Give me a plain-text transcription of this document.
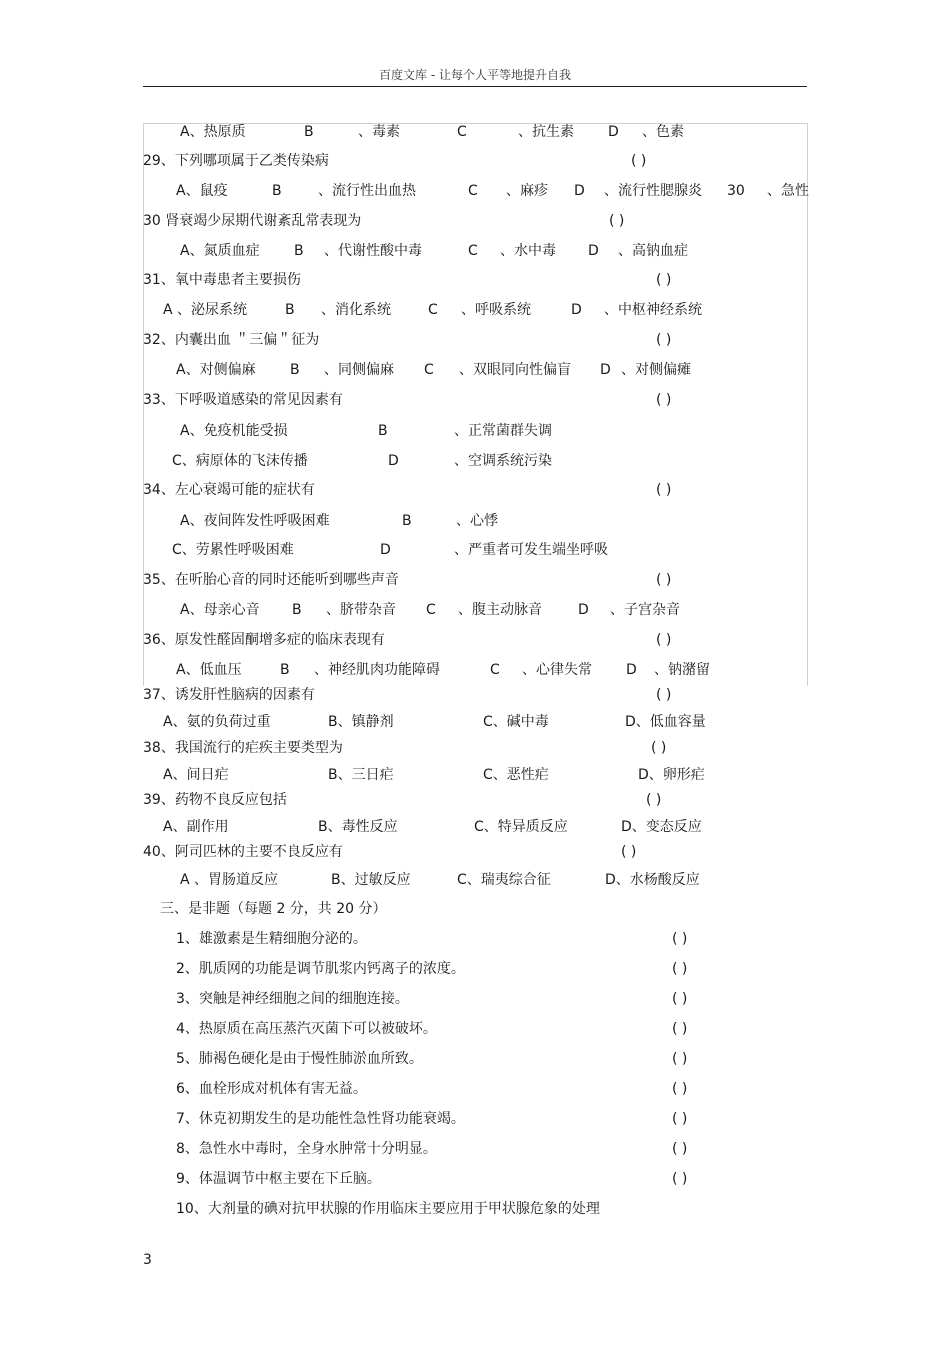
百度文库 - 让每个人平等地提升自我
A、热原质	B	、毒素	C	、抗生素 D 、色素
29、下列哪项属于乙类传染病	( )
A、鼠疫	B	、流行性出血热	C 、麻疹 D 、流行性腮腺炎 30 、急性
30 肾衰竭少尿期代谢紊乱常表现为	( )
A、氮质血症 B 、代谢性酸中毒	C 、水中毒 D 、高钠血症
31、氧中毒患者主要损伤	( )
A 、泌尿系统	B 、消化系统	C 、呼吸系统	D 、中枢神经系统
32、内囊出血 ＂三偏＂征为	( )
A、对侧偏麻 B 、同侧偏麻 C 、双眼同向性偏盲 D 、对侧偏瘫
33、下呼吸道感染的常见因素有	( )
A、免疫机能受损	B	、正常菌群失调
C、病原体的飞沫传播	D	、空调系统污染
34、左心衰竭可能的症状有	( )
A、夜间阵发性呼吸困难	B	、心悸
C、劳累性呼吸困难	D	、严重者可发生端坐呼吸
35、在听胎心音的同时还能听到哪些声音	( )
A、母亲心音 B 、脐带杂音 C 、腹主动脉音	D 、子宫杂音
36、原发性醛固酮增多症的临床表现有	( )
A、低血压	B 、神经肌肉功能障碍	C 、心律失常 D 、钠潴留
37、诱发肝性脑病的因素有	( )
A、氨的负荷过重	B、镇静剂	C、碱中毒	D、低血容量
38、我国流行的疟疾主要类型为	( )
A、间日疟	B、三日疟	C、恶性疟	D、卵形疟
39、药物不良反应包括	( )
A、副作用	B、毒性反应	C、特异质反应	D、变态反应
40、阿司匹林的主要不良反应有	( )
A 、胃肠道反应	B、过敏反应	C、瑞夷综合征	D、水杨酸反应
三、是非题（每题 2 分，共 20 分）
1、雄激素是生精细胞分泌的。	( )
2、肌质网的功能是调节肌浆内钙离子的浓度。	( )
3、突触是神经细胞之间的细胞连接。	( )
4、热原质在高压蒸汽灭菌下可以被破坏。	( )
5、肺褐色硬化是由于慢性肺淤血所致。	( )
6、血栓形成对机体有害无益。	( )
7、休克初期发生的是功能性急性肾功能衰竭。	( )
8、急性水中毒时，全身水肿常十分明显。	( )
9、体温调节中枢主要在下丘脑。	( )
10、大剂量的碘对抗甲状腺的作用临床主要应用于甲状腺危象的处理
3
